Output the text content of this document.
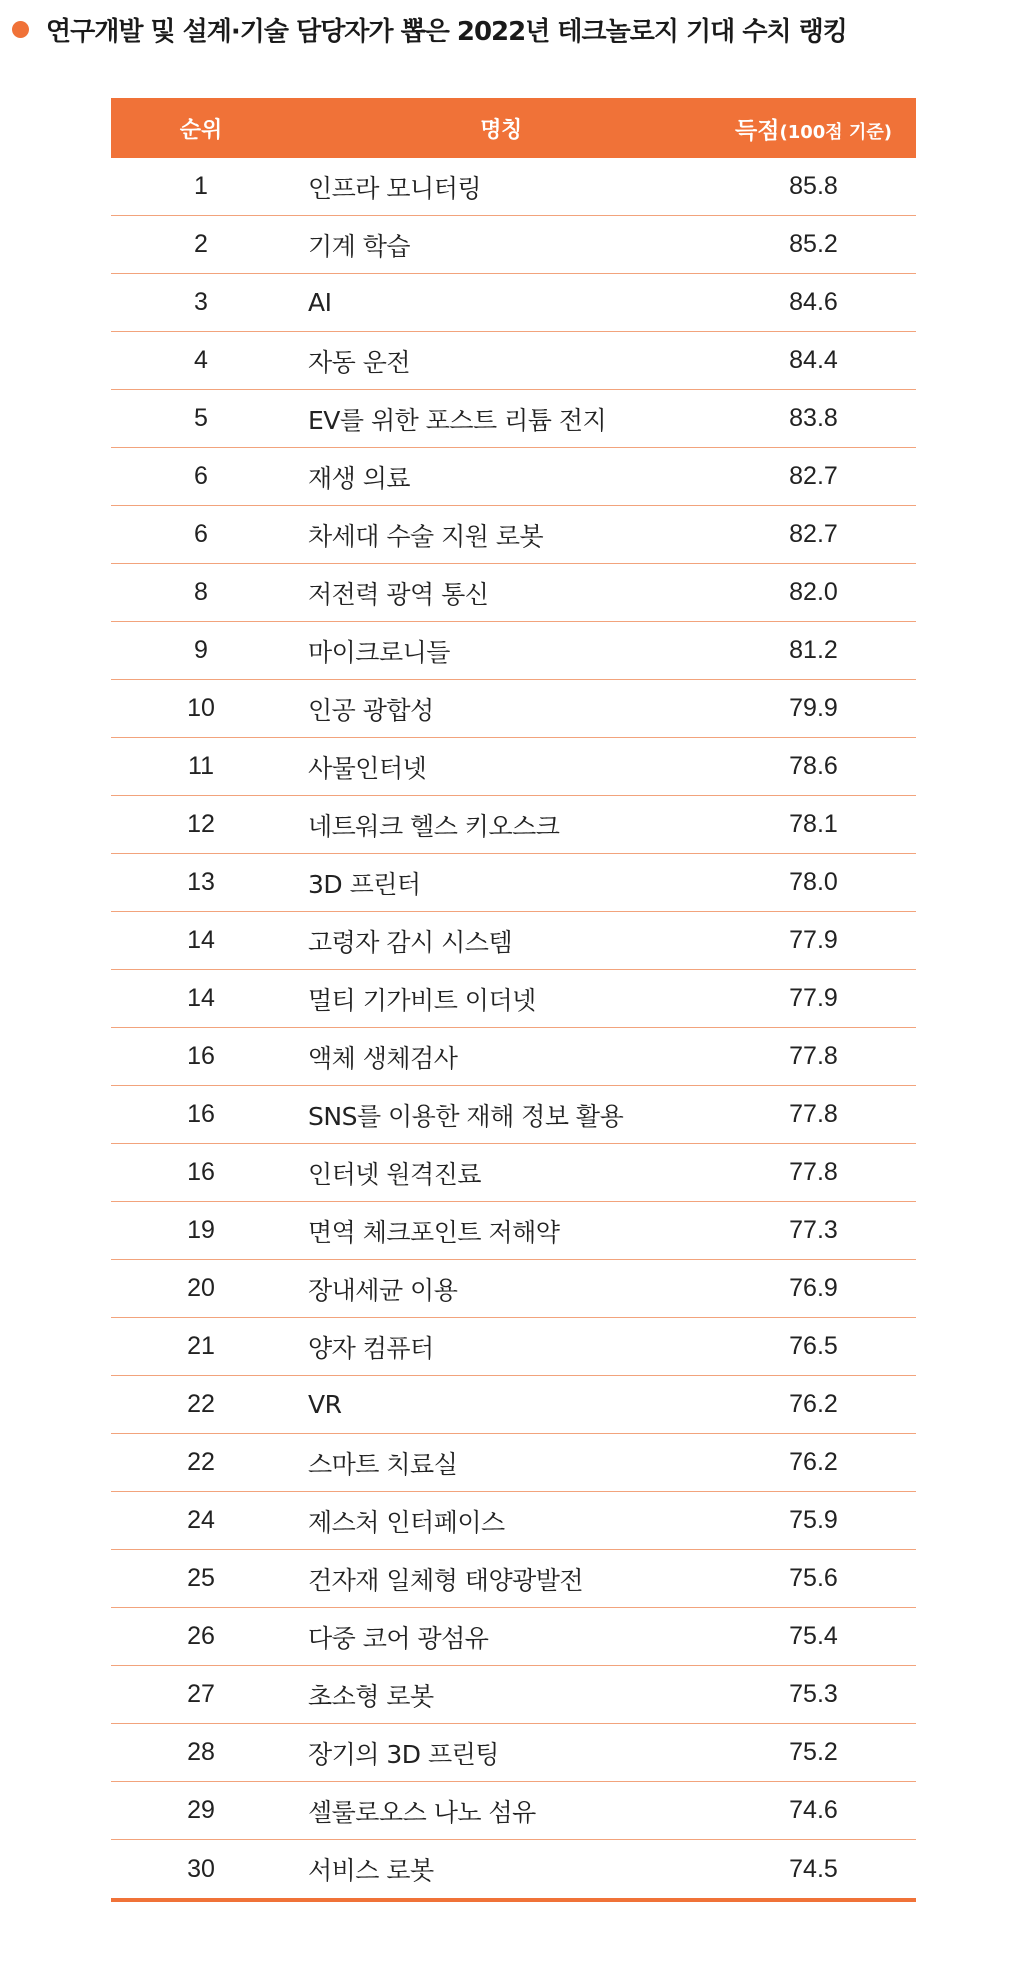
연구개발 및 설계·기술 담당자가 뽑은 2022년 테크놀로지 기대 수치 랭킹
순위	명칭	득점(100점 기준)
1	인프라 모니터링	85.8
2	기계 학습	85.2
3	AI	84.6
4	자동 운전	84.4
5	EV를 위한 포스트 리튬 전지	83.8
6	재생 의료	82.7
6	차세대 수술 지원 로봇	82.7
8	저전력 광역 통신	82.0
9	마이크로니들	81.2
10	인공 광합성	79.9
11	사물인터넷	78.6
12	네트워크 헬스 키오스크	78.1
13	3D 프린터	78.0
14	고령자 감시 시스템	77.9
14	멀티 기가비트 이더넷	77.9
16	액체 생체검사	77.8
16	SNS를 이용한 재해 정보 활용	77.8
16	인터넷 원격진료	77.8
19	면역 체크포인트 저해약	77.3
20	장내세균 이용	76.9
21	양자 컴퓨터	76.5
22	VR	76.2
22	스마트 치료실	76.2
24	제스처 인터페이스	75.9
25	건자재 일체형 태양광발전	75.6
26	다중 코어 광섬유	75.4
27	초소형 로봇	75.3
28	장기의 3D 프린팅	75.2
29	셀룰로오스 나노 섬유	74.6
30	서비스 로봇	74.5
